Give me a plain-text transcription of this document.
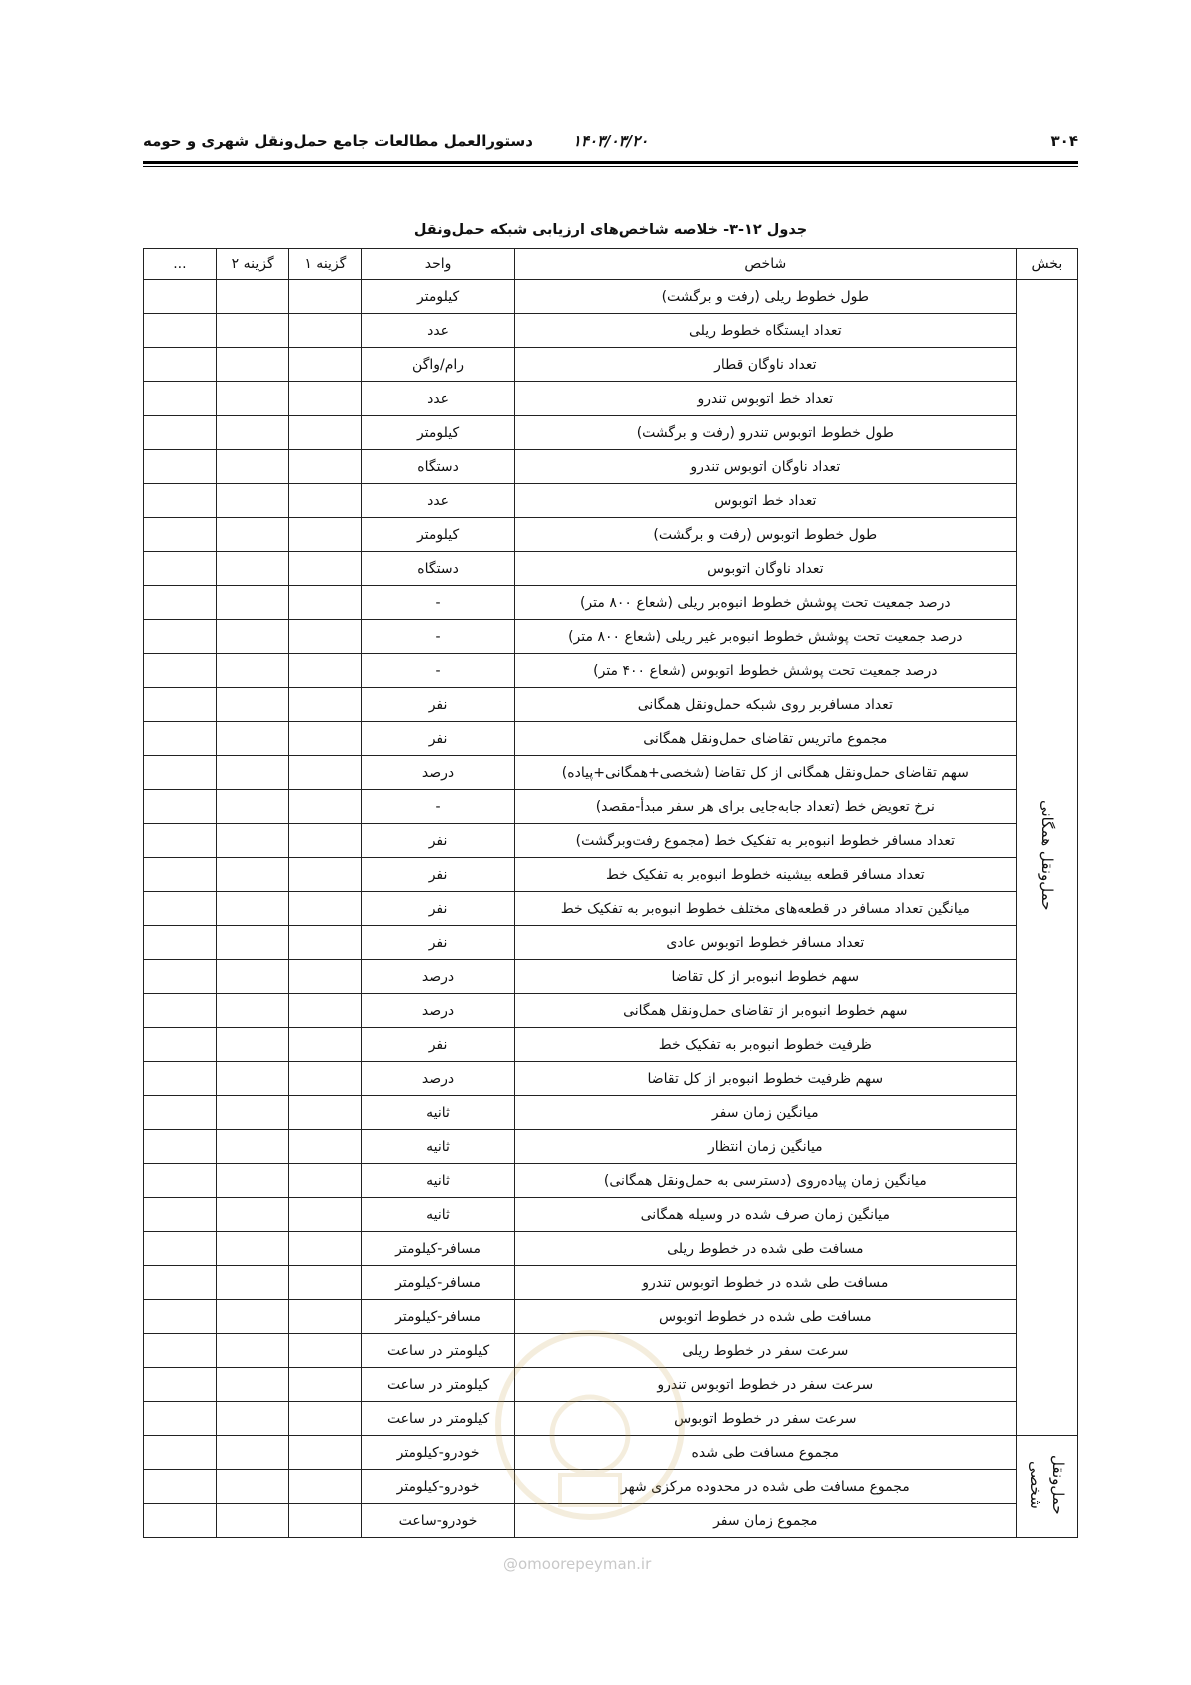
۳۰۴
۱۴۰۳/۰۳/۲۰
دستورالعمل مطالعات جامع حمل‌ونقل شهری و حومه
جدول ۱۲-۳- خلاصه شاخص‌های ارزیابی شبکه حمل‌ونقل
بخش	شاخص	واحد	گزینه ۱	گزینه ۲	...
حمل‌ونقل همگانی	طول خطوط ریلی (رفت و برگشت)	کیلومتر			
	تعداد ایستگاه خطوط ریلی	عدد			
	تعداد ناوگان قطار	رام/واگن			
	تعداد خط اتوبوس تندرو	عدد			
	طول خطوط اتوبوس تندرو (رفت و برگشت)	کیلومتر			
	تعداد ناوگان اتوبوس تندرو	دستگاه			
	تعداد خط اتوبوس	عدد			
	طول خطوط اتوبوس (رفت و برگشت)	کیلومتر			
	تعداد ناوگان اتوبوس	دستگاه			
	درصد جمعیت تحت پوشش خطوط انبوه‌بر ریلی (شعاع ۸۰۰ متر)	-			
	درصد جمعیت تحت پوشش خطوط انبوه‌بر غیر ریلی (شعاع ۸۰۰ متر)	-			
	درصد جمعیت تحت پوشش خطوط اتوبوس (شعاع ۴۰۰ متر)	-			
	تعداد مسافربر روی شبکه حمل‌ونقل همگانی	نفر			
	مجموع ماتریس تقاضای حمل‌ونقل همگانی	نفر			
	سهم تقاضای حمل‌ونقل همگانی از کل تقاضا (شخصی+همگانی+پیاده)	درصد			
	نرخ تعویض خط (تعداد جابه‌جایی برای هر سفر مبدأ-مقصد)	-			
	تعداد مسافر خطوط انبوه‌بر به تفکیک خط (مجموع رفت‌وبرگشت)	نفر			
	تعداد مسافر قطعه بیشینه خطوط انبوه‌بر به تفکیک خط	نفر			
	میانگین تعداد مسافر در قطعه‌های مختلف خطوط انبوه‌بر به تفکیک خط	نفر			
	تعداد مسافر خطوط اتوبوس عادی	نفر			
	سهم خطوط انبوه‌بر از کل تقاضا	درصد			
	سهم خطوط انبوه‌بر از تقاضای حمل‌ونقل همگانی	درصد			
	ظرفیت خطوط انبوه‌بر به تفکیک خط	نفر			
	سهم ظرفیت خطوط انبوه‌بر از کل تقاضا	درصد			
	میانگین زمان سفر	ثانیه			
	میانگین زمان انتظار	ثانیه			
	میانگین زمان پیاده‌روی (دسترسی به حمل‌ونقل همگانی)	ثانیه			
	میانگین زمان صرف شده در وسیله همگانی	ثانیه			
	مسافت طی شده در خطوط ریلی	مسافر-کیلومتر			
	مسافت طی شده در خطوط اتوبوس تندرو	مسافر-کیلومتر			
	مسافت طی شده در خطوط اتوبوس	مسافر-کیلومتر			
	سرعت سفر در خطوط ریلی	کیلومتر در ساعت			
	سرعت سفر در خطوط اتوبوس تندرو	کیلومتر در ساعت			
	سرعت سفر در خطوط اتوبوس	کیلومتر در ساعت			
حمل‌ونقل
شخصی	مجموع مسافت طی شده	خودرو-کیلومتر			
	مجموع مسافت طی شده در محدوده مرکزی شهر	خودرو-کیلومتر			
	مجموع زمان سفر	خودرو-ساعت			
@omoorepeyman.ir
